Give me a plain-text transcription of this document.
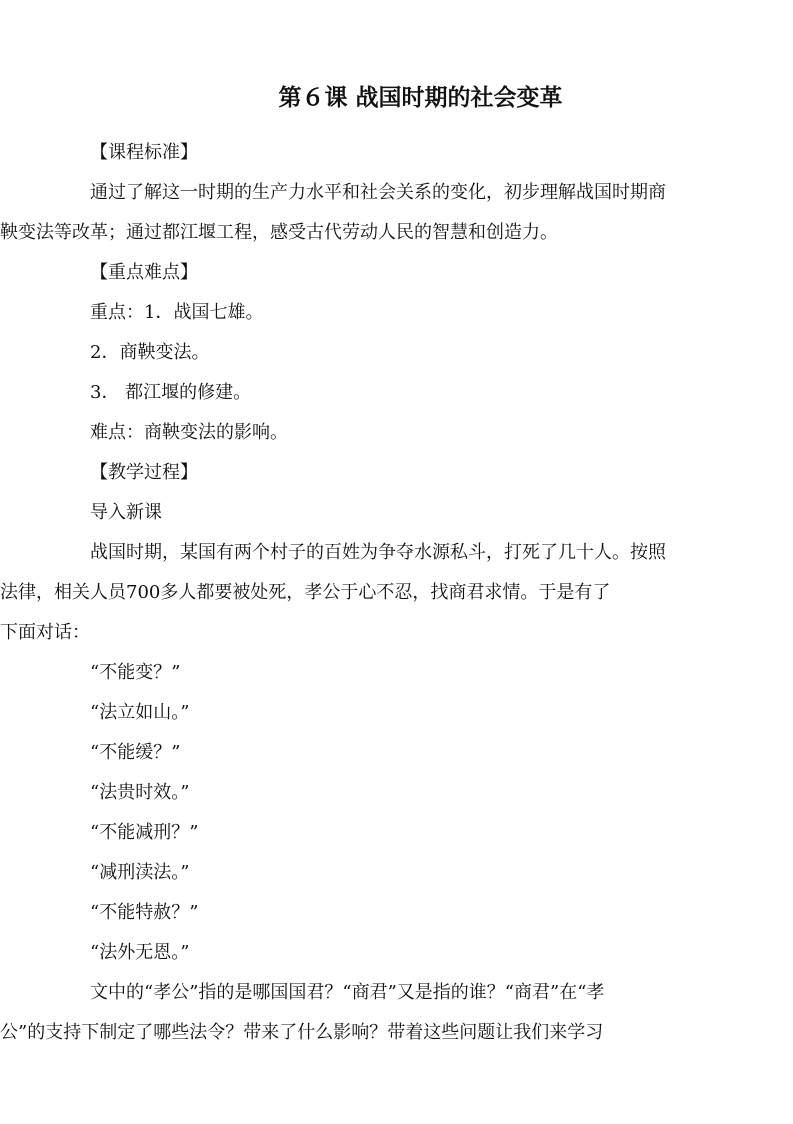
第６课 战国时期的社会变革

【课程标准】

通过了解这一时期的生产力水平和社会关系的变化，初步理解战国时期商

鞅变法等改革；通过都江堰工程，感受古代劳动人民的智慧和创造力。

【重点难点】

重点：1．战国七雄。

2．商鞅变法。

3． 都江堰的修建。

难点：商鞅变法的影响。

【教学过程】

导入新课

战国时期，某国有两个村子的百姓为争夺水源私斗，打死了几十人。按照

法律，相关人员700多人都要被处死，孝公于心不忍，找商君求情。于是有了

下面对话：

“不能变？”

“法立如山。”

“不能缓？”

“法贵时效。”

“不能减刑？”

“减刑渎法。”

“不能特赦？”

“法外无恩。”

文中的“孝公”指的是哪国国君？“商君”又是指的谁？“商君”在“孝

公”的支持下制定了哪些法令？带来了什么影响？带着这些问题让我们来学习
